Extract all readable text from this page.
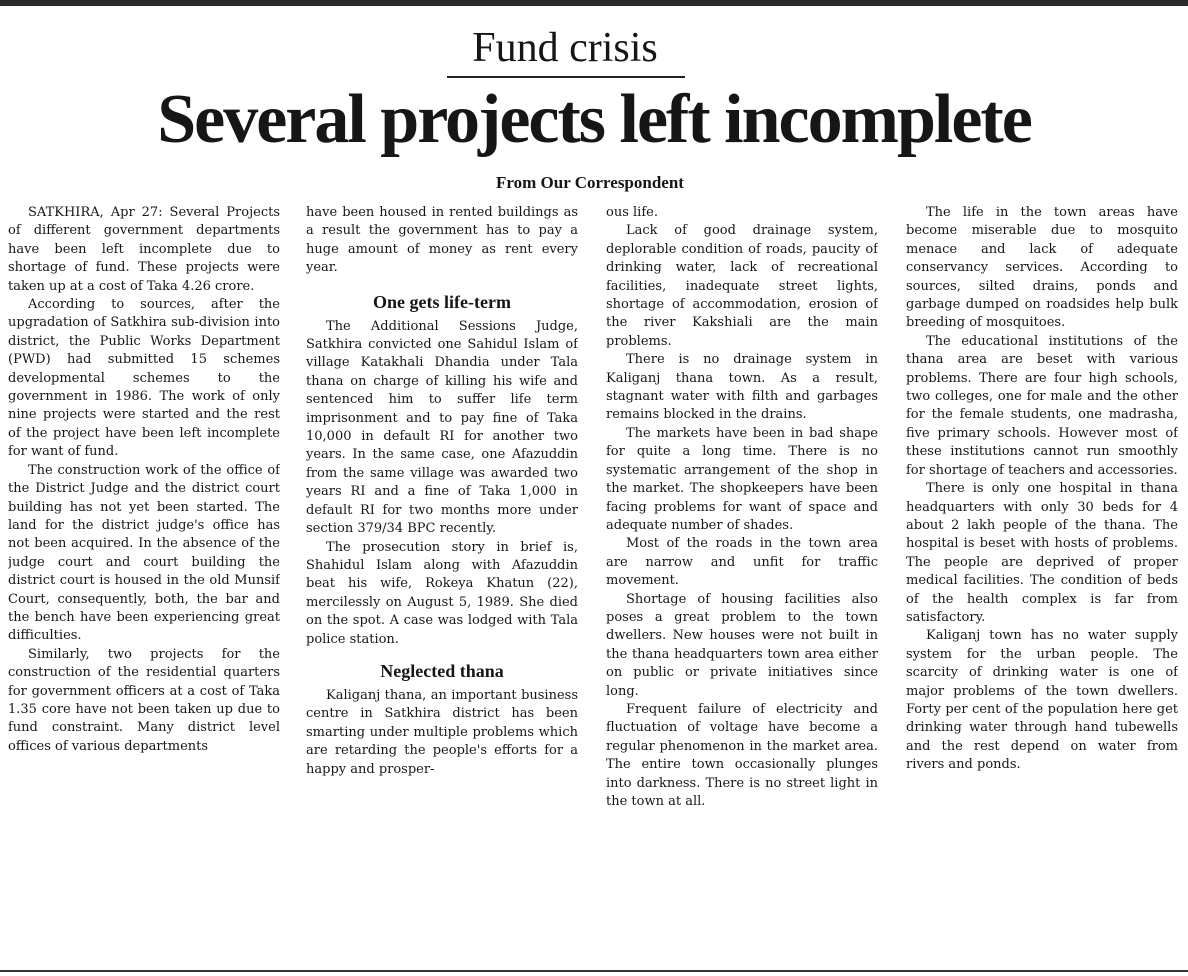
Fund crisis
Several projects left incomplete
From Our Correspondent

SATKHIRA, Apr 27: Several Projects of different government departments have been left incomplete due to shortage of fund. These projects were taken up at a cost of Taka 4.26 crore.

According to sources, after the upgradation of Satkhira sub-division into district, the Public Works Department (PWD) had submitted 15 schemes developmental schemes to the government in 1986. The work of only nine projects were started and the rest of the project have been left incomplete for want of fund.

The construction work of the office of the District Judge and the district court building has not yet been started. The land for the district judge's office has not been acquired. In the absence of the judge court and court building the district court is housed in the old Munsif Court, consequently, both, the bar and the bench have been experiencing great difficulties.

Similarly, two projects for the construction of the residential quarters for government officers at a cost of Taka 1.35 core have not been taken up due to fund constraint. Many district level offices of various departments

have been housed in rented buildings as a result the government has to pay a huge amount of money as rent every year.

One gets life-term

The Additional Sessions Judge, Satkhira convicted one Sahidul Islam of village Katakhali Dhandia under Tala thana on charge of killing his wife and sentenced him to suffer life term imprisonment and to pay fine of Taka 10,000 in default RI for another two years. In the same case, one Afazuddin from the same village was awarded two years RI and a fine of Taka 1,000 in default RI for two months more under section 379/34 BPC recently.

The prosecution story in brief is, Shahidul Islam along with Afazuddin beat his wife, Rokeya Khatun (22), mercilessly on August 5, 1989. She died on the spot. A case was lodged with Tala police station.

Neglected thana

Kaliganj thana, an important business centre in Satkhira district has been smarting under multiple problems which are retarding the people's efforts for a happy and prosper-

ous life.

Lack of good drainage system, deplorable condition of roads, paucity of drinking water, lack of recreational facilities, inadequate street lights, shortage of accommodation, erosion of the river Kakshiali are the main problems.

There is no drainage system in Kaliganj thana town. As a result, stagnant water with filth and garbages remains blocked in the drains.

The markets have been in bad shape for quite a long time. There is no systematic arrangement of the shop in the market. The shopkeepers have been facing problems for want of space and adequate number of shades.

Most of the roads in the town area are narrow and unfit for traffic movement.

Shortage of housing facilities also poses a great problem to the town dwellers. New houses were not built in the thana headquarters town area either on public or private initiatives since long.

Frequent failure of electricity and fluctuation of voltage have become a regular phenomenon in the market area. The entire town occasionally plunges into darkness. There is no street light in the town at all.

The life in the town areas have become miserable due to mosquito menace and lack of adequate conservancy services. According to sources, silted drains, ponds and garbage dumped on roadsides help bulk breeding of mosquitoes.

The educational institutions of the thana area are beset with various problems. There are four high schools, two colleges, one for male and the other for the female students, one madrasha, five primary schools. However most of these institutions cannot run smoothly for shortage of teachers and accessories.

There is only one hospital in thana headquarters with only 30 beds for 4 about 2 lakh people of the thana. The hospital is beset with hosts of problems. The people are deprived of proper medical facilities. The condition of beds of the health complex is far from satisfactory.

Kaliganj town has no water supply system for the urban people. The scarcity of drinking water is one of major problems of the town dwellers. Forty per cent of the population here get drinking water through hand tubewells and the rest depend on water from rivers and ponds.
